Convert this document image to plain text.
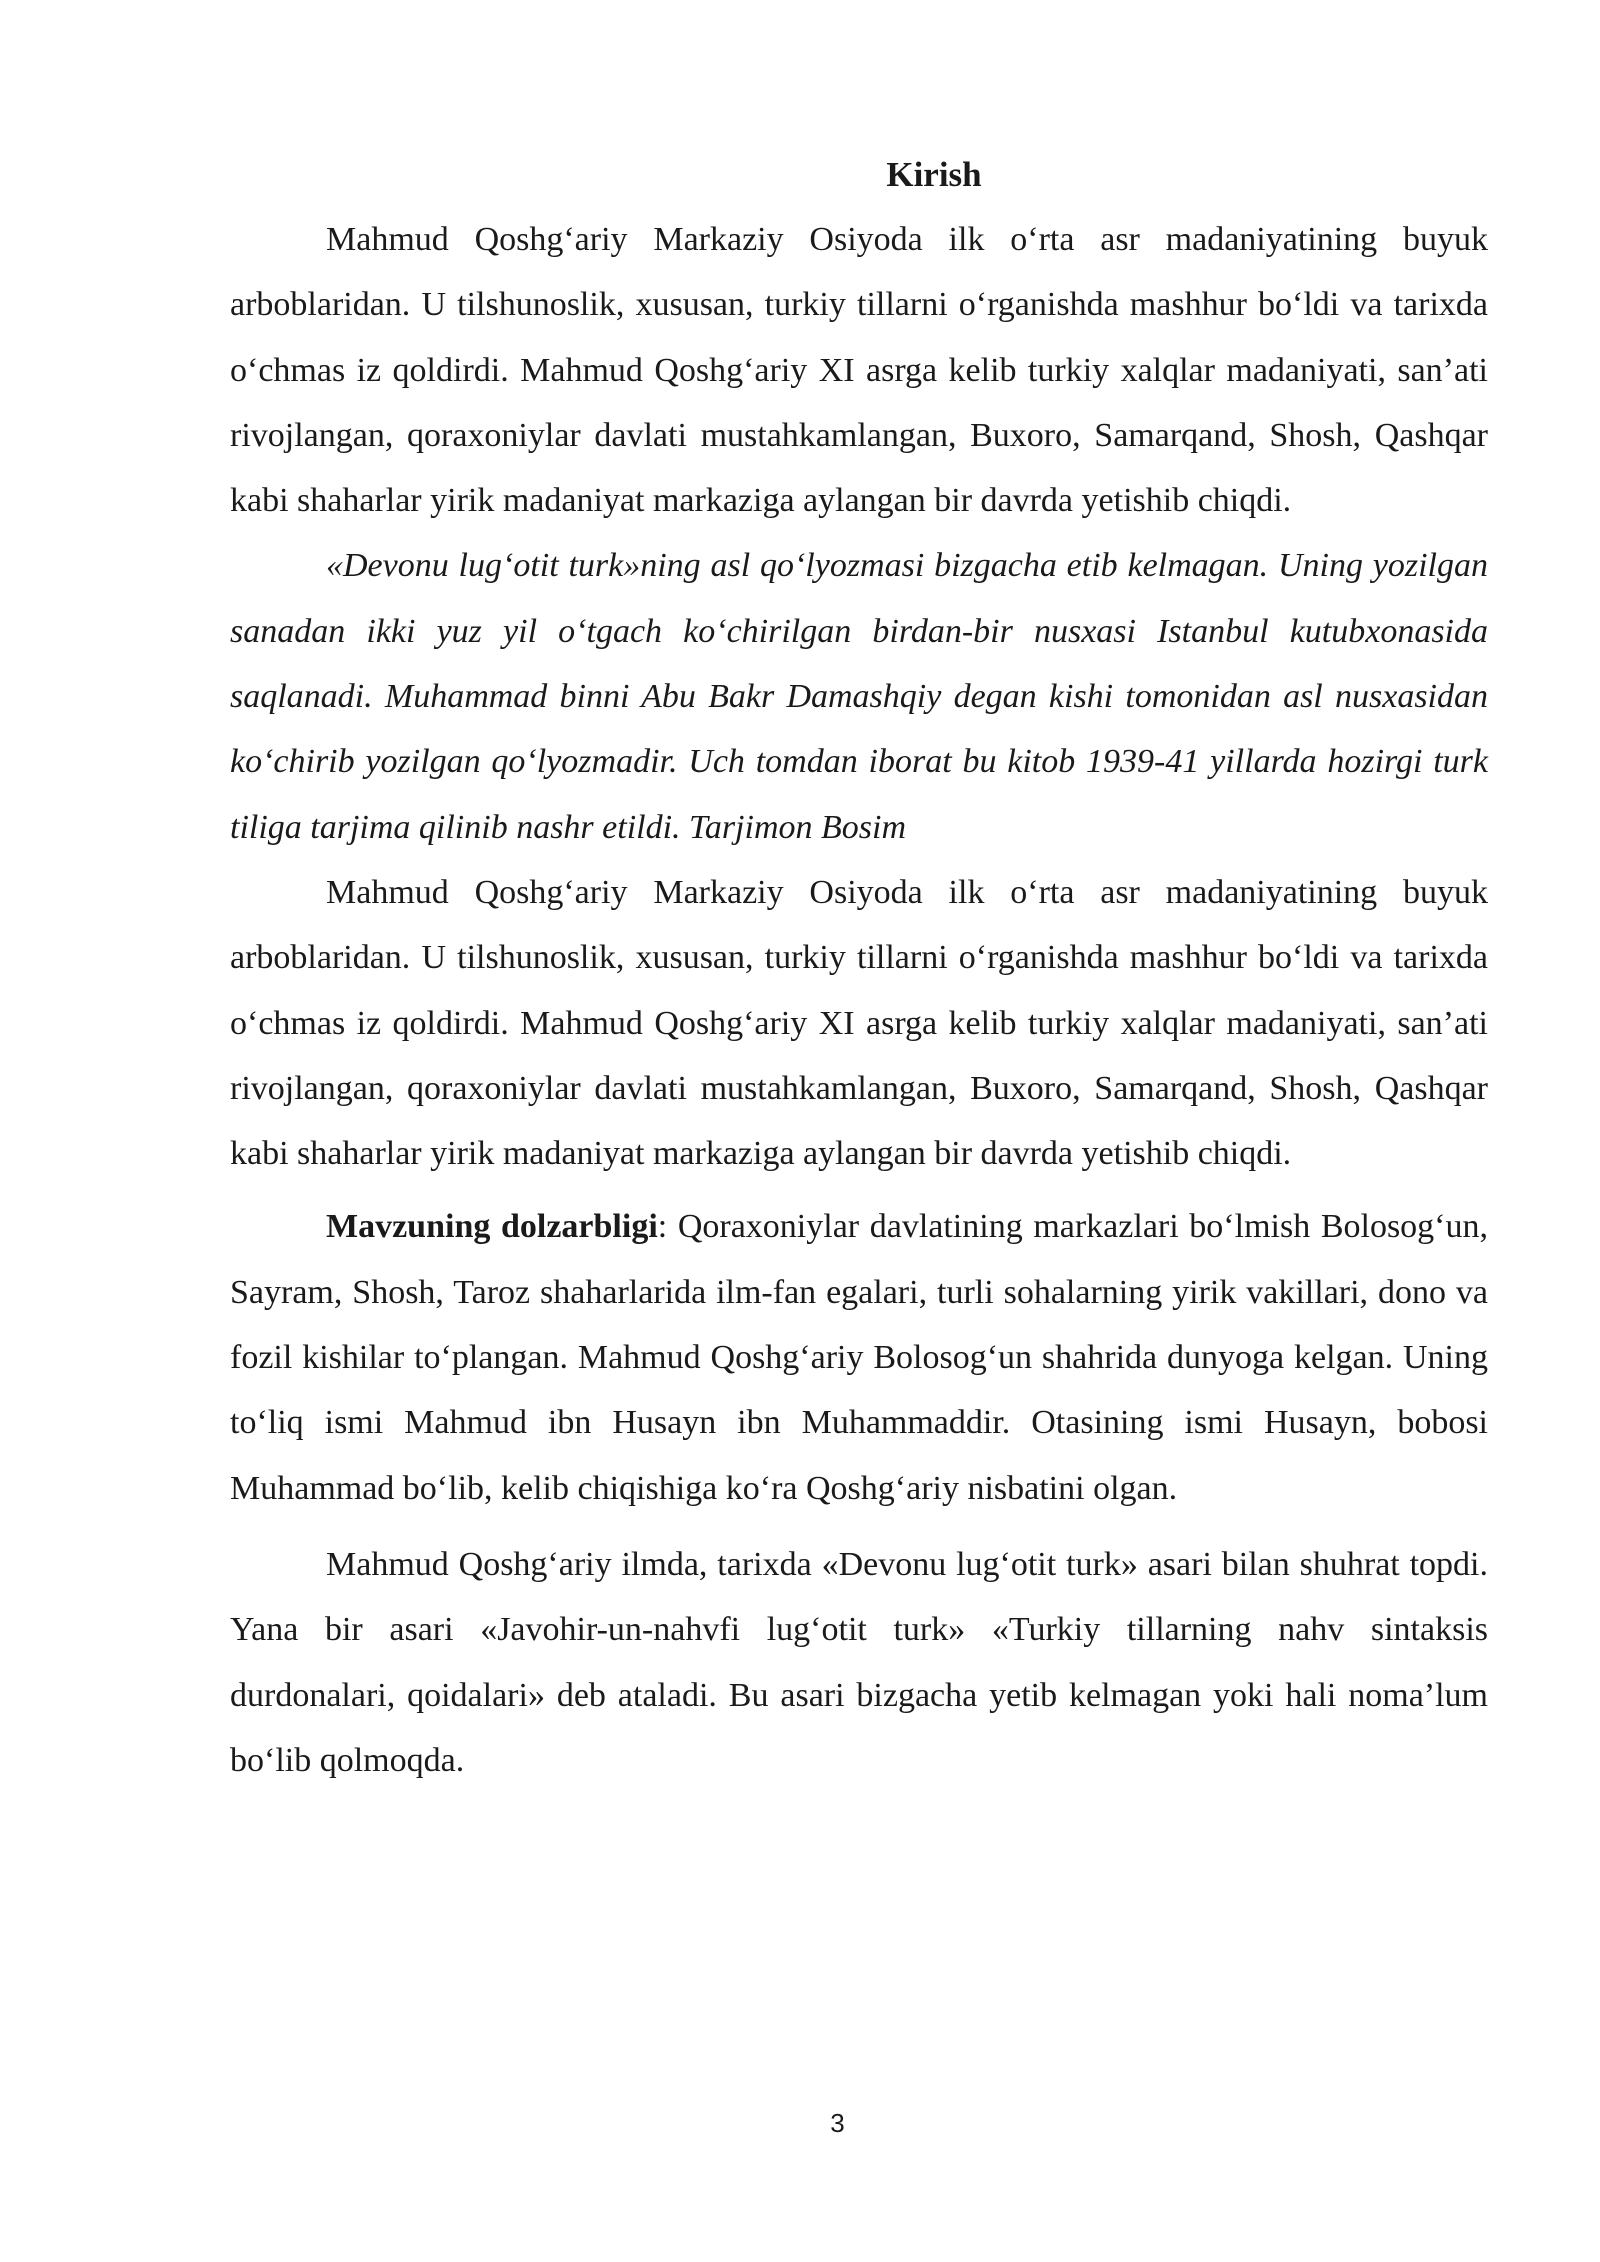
Kirish

Mahmud Qoshg‘ariy Markaziy Osiyoda ilk o‘rta asr madaniyatining buyuk arboblaridan. U tilshunoslik, xususan, turkiy tillarni o‘rganishda mashhur bo‘ldi va tarixda o‘chmas iz qoldirdi. Mahmud Qoshg‘ariy XI asrga kelib turkiy xalqlar madaniyati, san’ati rivojlangan, qoraxoniylar davlati mustahkamlangan, Buxoro, Samarqand, Shosh, Qashqar kabi shaharlar yirik madaniyat markaziga aylangan bir davrda yetishib chiqdi.

«Devonu lug‘otit turk»ning asl qo‘lyozmasi bizgacha etib kelmagan. Uning yozilgan sanadan ikki yuz yil o‘tgach ko‘chirilgan birdan-bir nusxasi Istanbul kutubxonasida saqlanadi. Muhammad binni Abu Bakr Damashqiy degan kishi tomonidan asl nusxasidan ko‘chirib yozilgan qo‘lyozmadir. Uch tomdan iborat bu kitob 1939-41 yillarda hozirgi turk tiliga tarjima qilinib nashr etildi. Tarjimon Bosim

Mahmud Qoshg‘ariy Markaziy Osiyoda ilk o‘rta asr madaniyatining buyuk arboblaridan. U tilshunoslik, xususan, turkiy tillarni o‘rganishda mashhur bo‘ldi va tarixda o‘chmas iz qoldirdi. Mahmud Qoshg‘ariy XI asrga kelib turkiy xalqlar madaniyati, san’ati rivojlangan, qoraxoniylar davlati mustahkamlangan, Buxoro, Samarqand, Shosh, Qashqar kabi shaharlar yirik madaniyat markaziga aylangan bir davrda yetishib chiqdi.

Mavzuning dolzarbligi: Qoraxoniylar davlatining markazlari bo‘lmish Bolosog‘un, Sayram, Shosh, Taroz shaharlarida ilm-fan egalari, turli sohalarning yirik vakillari, dono va fozil kishilar to‘plangan. Mahmud Qoshg‘ariy Bolosog‘un shahrida dunyoga kelgan. Uning to‘liq ismi Mahmud ibn Husayn ibn Muhammaddir. Otasining ismi Husayn, bobosi Muhammad bo‘lib, kelib chiqishiga ko‘ra Qoshg‘ariy nisbatini olgan.

Mahmud Qoshg‘ariy ilmda, tarixda «Devonu lug‘otit turk» asari bilan shuhrat topdi. Yana bir asari «Javohir-un-nahvfi lug‘otit turk» «Turkiy tillarning nahv sintaksis durdonalari, qoidalari» deb ataladi. Bu asari bizgacha yetib kelmagan yoki hali noma’lum bo‘lib qolmoqda.

3
